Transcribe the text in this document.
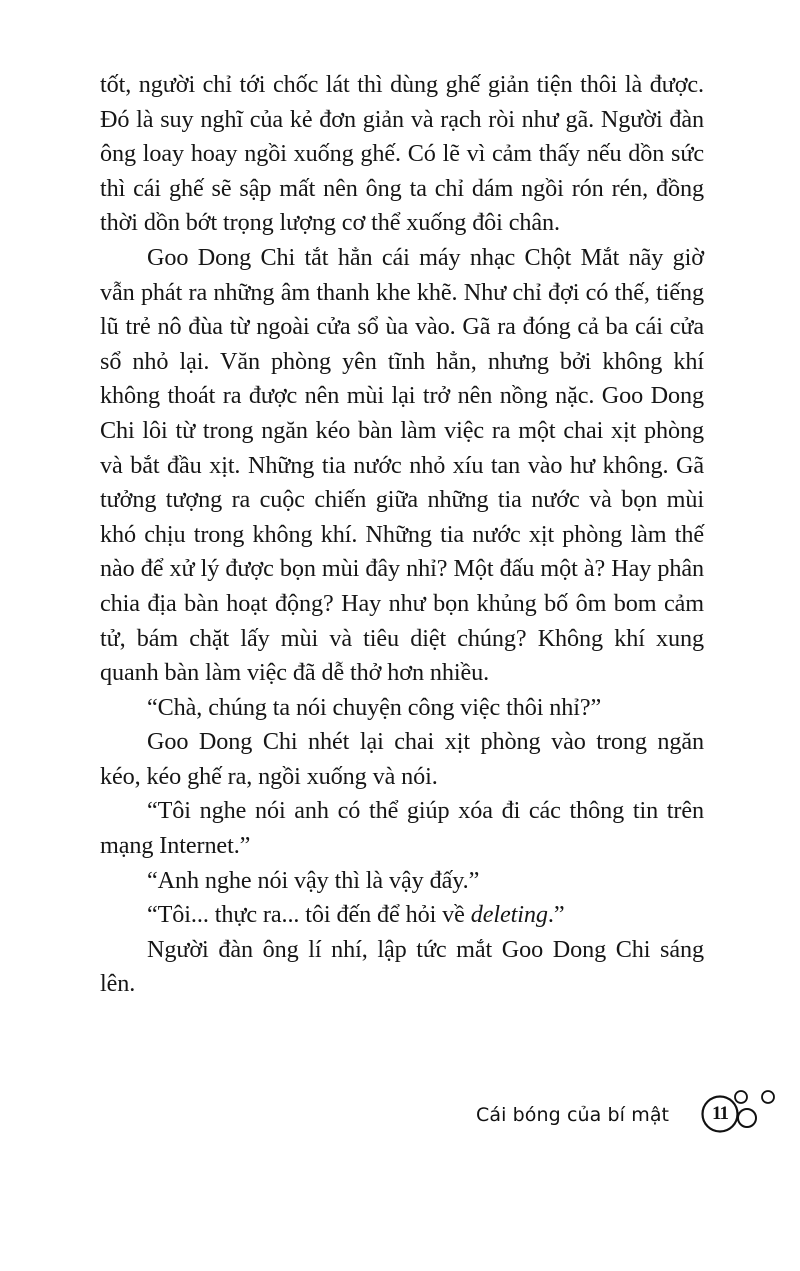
tốt, người chỉ tới chốc lát thì dùng ghế giản tiện thôi là được. Đó là suy nghĩ của kẻ đơn giản và rạch ròi như gã. Người đàn ông loay hoay ngồi xuống ghế. Có lẽ vì cảm thấy nếu dồn sức thì cái ghế sẽ sập mất nên ông ta chỉ dám ngồi rón rén, đồng thời dồn bớt trọng lượng cơ thể xuống đôi chân.

Goo Dong Chi tắt hẳn cái máy nhạc Chột Mắt nãy giờ vẫn phát ra những âm thanh khe khẽ. Như chỉ đợi có thế, tiếng lũ trẻ nô đùa từ ngoài cửa sổ ùa vào. Gã ra đóng cả ba cái cửa sổ nhỏ lại. Văn phòng yên tĩnh hẳn, nhưng bởi không khí không thoát ra được nên mùi lại trở nên nồng nặc. Goo Dong Chi lôi từ trong ngăn kéo bàn làm việc ra một chai xịt phòng và bắt đầu xịt. Những tia nước nhỏ xíu tan vào hư không. Gã tưởng tượng ra cuộc chiến giữa những tia nước và bọn mùi khó chịu trong không khí. Những tia nước xịt phòng làm thế nào để xử lý được bọn mùi đây nhỉ? Một đấu một à? Hay phân chia địa bàn hoạt động? Hay như bọn khủng bố ôm bom cảm tử, bám chặt lấy mùi và tiêu diệt chúng? Không khí xung quanh bàn làm việc đã dễ thở hơn nhiều.

“Chà, chúng ta nói chuyện công việc thôi nhỉ?”

Goo Dong Chi nhét lại chai xịt phòng vào trong ngăn kéo, kéo ghế ra, ngồi xuống và nói.

“Tôi nghe nói anh có thể giúp xóa đi các thông tin trên mạng Internet.”

“Anh nghe nói vậy thì là vậy đấy.”

“Tôi... thực ra... tôi đến để hỏi về deleting.”

Người đàn ông lí nhí, lập tức mắt Goo Dong Chi sáng lên.

Cái bóng của bí mật	11
